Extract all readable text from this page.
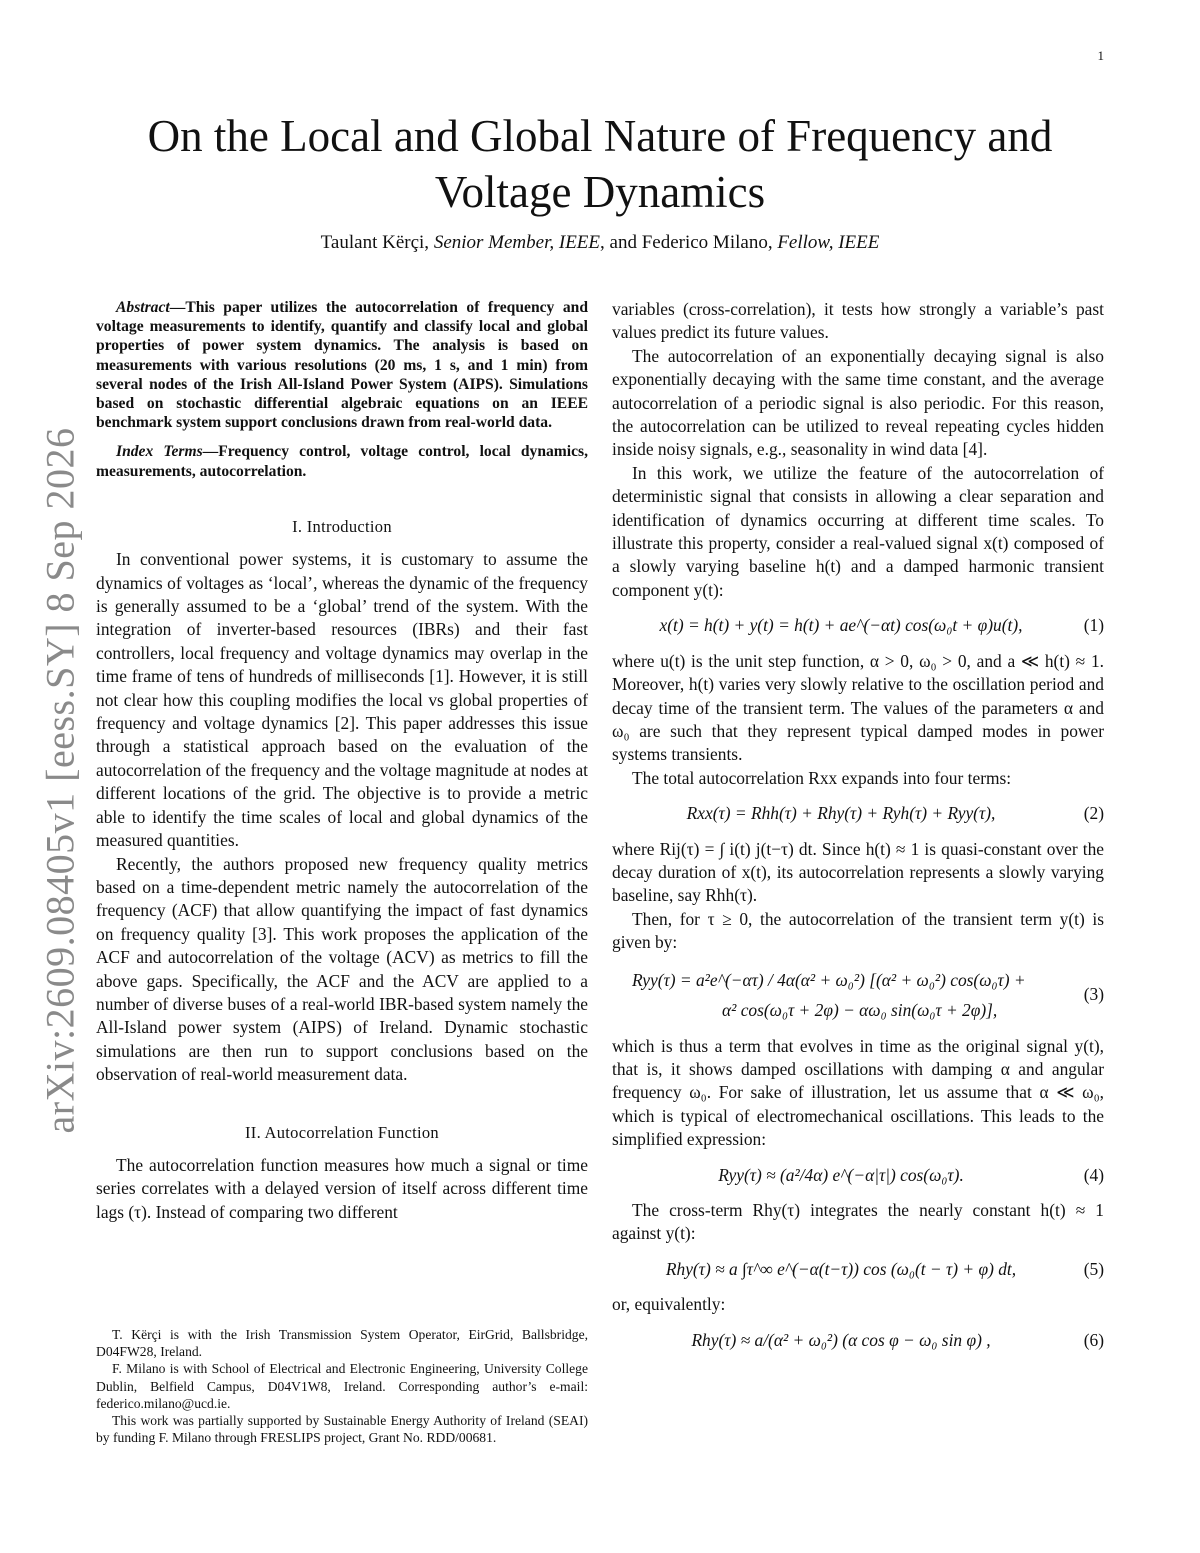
1
arXiv:2609.08405v1 [eess.SY] 8 Sep 2026
On the Local and Global Nature of Frequency and Voltage Dynamics
Taulant Kërçi, Senior Member, IEEE, and Federico Milano, Fellow, IEEE

Abstract—This paper utilizes the autocorrelation of frequency and voltage measurements to identify, quantify and classify local and global properties of power system dynamics. The analysis is based on measurements with various resolutions (20 ms, 1 s, and 1 min) from several nodes of the Irish All-Island Power System (AIPS). Simulations based on stochastic differential algebraic equations on an IEEE benchmark system support conclusions drawn from real-world data.

Index Terms—Frequency control, voltage control, local dynamics, measurements, autocorrelation.

I. Introduction

In conventional power systems, it is customary to assume the dynamics of voltages as ‘local’, whereas the dynamic of the frequency is generally assumed to be a ‘global’ trend of the system. With the integration of inverter-based resources (IBRs) and their fast controllers, local frequency and voltage dynamics may overlap in the time frame of tens of hundreds of milliseconds [1]. However, it is still not clear how this coupling modifies the local vs global properties of frequency and voltage dynamics [2]. This paper addresses this issue through a statistical approach based on the evaluation of the autocorrelation of the frequency and the voltage magnitude at nodes at different locations of the grid. The objective is to provide a metric able to identify the time scales of local and global dynamics of the measured quantities.

Recently, the authors proposed new frequency quality metrics based on a time-dependent metric namely the autocorrelation of the frequency (ACF) that allow quantifying the impact of fast dynamics on frequency quality [3]. This work proposes the application of the ACF and autocorrelation of the voltage (ACV) as metrics to fill the above gaps. Specifically, the ACF and the ACV are applied to a number of diverse buses of a real-world IBR-based system namely the All-Island power system (AIPS) of Ireland. Dynamic stochastic simulations are then run to support conclusions based on the observation of real-world measurement data.

II. Autocorrelation Function

The autocorrelation function measures how much a signal or time series correlates with a delayed version of itself across different time lags (τ). Instead of comparing two different

T. Kërçi is with the Irish Transmission System Operator, EirGrid, Ballsbridge, D04FW28, Ireland.

F. Milano is with School of Electrical and Electronic Engineering, University College Dublin, Belfield Campus, D04V1W8, Ireland. Corresponding author’s e-mail: federico.milano@ucd.ie.

This work was partially supported by Sustainable Energy Authority of Ireland (SEAI) by funding F. Milano through FRESLIPS project, Grant No. RDD/00681.

variables (cross-correlation), it tests how strongly a variable’s past values predict its future values.

The autocorrelation of an exponentially decaying signal is also exponentially decaying with the same time constant, and the average autocorrelation of a periodic signal is also periodic. For this reason, the autocorrelation can be utilized to reveal repeating cycles hidden inside noisy signals, e.g., seasonality in wind data [4].

In this work, we utilize the feature of the autocorrelation of deterministic signal that consists in allowing a clear separation and identification of dynamics occurring at different time scales. To illustrate this property, consider a real-valued signal x(t) composed of a slowly varying baseline h(t) and a damped harmonic transient component y(t):

x(t) = h(t) + y(t) = h(t) + ae^(−αt) cos(ω₀t + φ)u(t),	(1)

where u(t) is the unit step function, α > 0, ω₀ > 0, and a ≪ h(t) ≈ 1. Moreover, h(t) varies very slowly relative to the oscillation period and decay time of the transient term. The values of the parameters α and ω₀ are such that they represent typical damped modes in power systems transients.

The total autocorrelation Rxx expands into four terms:

Rxx(τ) = Rhh(τ) + Rhy(τ) + Ryh(τ) + Ryy(τ),	(2)

where Rij(τ) = ∫ i(t) j(t−τ) dt. Since h(t) ≈ 1 is quasi-constant over the decay duration of x(t), its autocorrelation represents a slowly varying baseline, say Rhh(τ).

Then, for τ ≥ 0, the autocorrelation of the transient term y(t) is given by:

Ryy(τ) = a²e^(−ατ) / 4α(α² + ω₀²) [(α² + ω₀²) cos(ω₀τ) +
α² cos(ω₀τ + 2φ) − αω₀ sin(ω₀τ + 2φ)],
(3)

which is thus a term that evolves in time as the original signal y(t), that is, it shows damped oscillations with damping α and angular frequency ω₀. For sake of illustration, let us assume that α ≪ ω₀, which is typical of electromechanical oscillations. This leads to the simplified expression:

Ryy(τ) ≈ (a²/4α) e^(−α|τ|) cos(ω₀τ).	(4)

The cross-term Rhy(τ) integrates the nearly constant h(t) ≈ 1 against y(t):

Rhy(τ) ≈ a ∫τ^∞ e^(−α(t−τ)) cos (ω₀(t − τ) + φ) dt,	(5)

or, equivalently:

Rhy(τ) ≈ a/(α² + ω₀²) (α cos φ − ω₀ sin φ) ,	(6)
